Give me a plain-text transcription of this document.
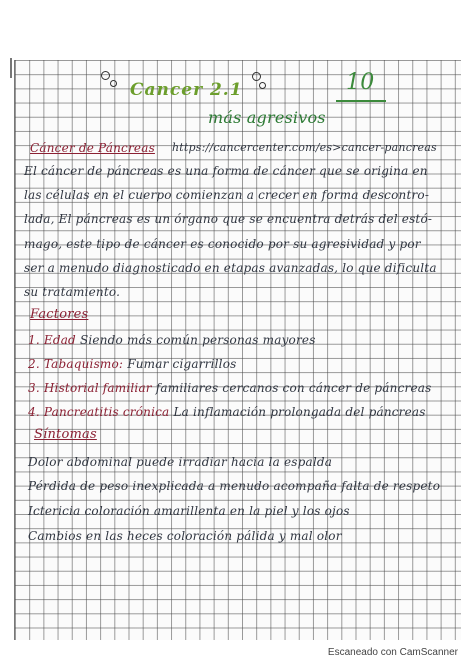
Cancer 2.1
más agresivos
10
Cáncer de Páncreas https://cancercenter.com/es>cancer-pancreas
El cáncer de páncreas es una forma de cáncer que se origina en
las células en el cuerpo comienzan a crecer en forma descontro-
lada, El páncreas es un órgano que se encuentra detrás del estó-
mago, este tipo de cáncer es conocido por su agresividad y por
ser a menudo diagnosticado en etapas avanzadas, lo que dificulta
su tratamiento.
Factores
1. Edad Siendo más común personas mayores
2. Tabaquismo: Fumar cigarrillos
3. Historial familiar familiares cercanos con cáncer de páncreas
4. Pancreatitis crónica La inflamación prolongada del páncreas
Síntomas
Dolor abdominal puede irradiar hacia la espalda
Pérdida de peso inexplicada a menudo acompaña falta de respeto
Ictericia coloración amarillenta en la piel y los ojos
Cambios en las heces coloración pálida y mal olor
Escaneado con CamScanner
